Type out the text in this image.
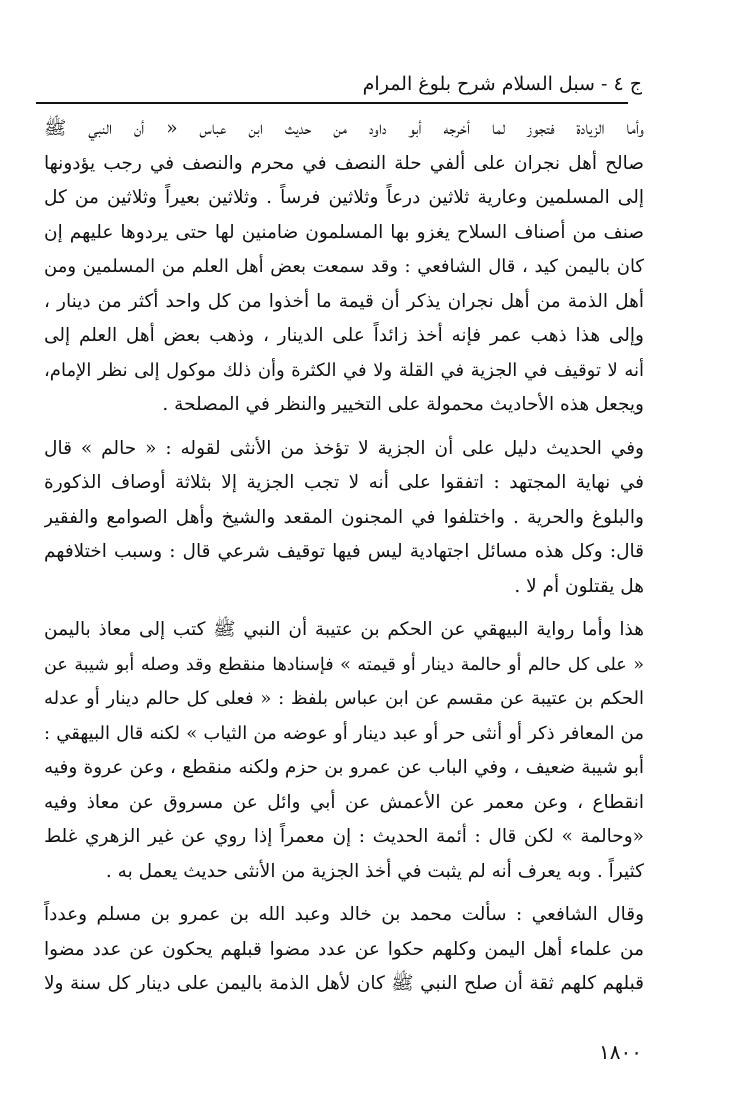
ج ٤ - سبل السلام شرح بلوغ المرام
وأما الزيادة فتجوز لما أخرجه أبو داود من حديث ابن عباس « أن النبي ﷺ
صالح أهل نجران على ألفي حلة النصف في محرم والنصف في رجب يؤدونها
إلى المسلمين وعارية ثلاثين درعاً وثلاثين فرساً . وثلاثين بعيراً وثلاثين من كل
صنف من أصناف السلاح يغزو بها المسلمون ضامنين لها حتى يردوها عليهم إن
كان باليمن كيد ، قال الشافعي : وقد سمعت بعض أهل العلم من المسلمين ومن
أهل الذمة من أهل نجران يذكر أن قيمة ما أخذوا من كل واحد أكثر من دينار ،
وإلى هذا ذهب عمر فإنه أخذ زائداً على الدينار ، وذهب بعض أهل العلم إلى
أنه لا توقيف في الجزية في القلة ولا في الكثرة وأن ذلك موكول إلى نظر الإمام،
ويجعل هذه الأحاديث محمولة على التخيير والنظر في المصلحة .
وفي الحديث دليل على أن الجزية لا تؤخذ من الأنثى لقوله : « حالم » قال
في نهاية المجتهد : اتفقوا على أنه لا تجب الجزية إلا بثلاثة أوصاف الذكورة
والبلوغ والحرية . واختلفوا في المجنون المقعد والشيخ وأهل الصوامع والفقير
قال: وكل هذه مسائل اجتهادية ليس فيها توقيف شرعي قال : وسبب اختلافهم
هل يقتلون أم لا .
هذا وأما رواية البيهقي عن الحكم بن عتيبة أن النبي ﷺ كتب إلى معاذ باليمن
« على كل حالم أو حالمة دينار أو قيمته » فإسنادها منقطع وقد وصله أبو شيبة عن
الحكم بن عتيبة عن مقسم عن ابن عباس بلفظ : « فعلى كل حالم دينار أو عدله
من المعافر ذكر أو أنثى حر أو عبد دينار أو عوضه من الثياب » لكنه قال البيهقي :
أبو شيبة ضعيف ، وفي الباب عن عمرو بن حزم ولكنه منقطع ، وعن عروة وفيه
انقطاع ، وعن معمر عن الأعمش عن أبي وائل عن مسروق عن معاذ وفيه
«وحالمة » لكن قال : أئمة الحديث : إن معمراً إذا روي عن غير الزهري غلط
كثيراً . وبه يعرف أنه لم يثبت في أخذ الجزية من الأنثى حديث يعمل به .
وقال الشافعي : سألت محمد بن خالد وعبد الله بن عمرو بن مسلم وعدداً
من علماء أهل اليمن وكلهم حكوا عن عدد مضوا قبلهم يحكون عن عدد مضوا
قبلهم كلهم ثقة أن صلح النبي ﷺ كان لأهل الذمة باليمن على دينار كل سنة ولا
١٨٠٠
